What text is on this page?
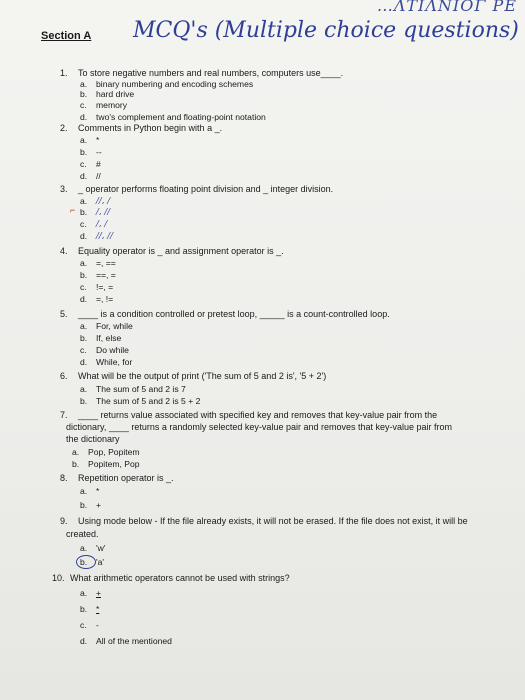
…ΛΤΙΛΝΙΟΓ ΡΕ
Section A MCQ's (Multiple choice questions)
1. To store negative numbers and real numbers, computers use____.
a. binary numbering and encoding schemes
b. hard drive
c. memory
d. two's complement and floating-point notation
2. Comments in Python begin with a _.
a. *
b. --
c. #
d. //
3. _ operator performs floating point division and _ integer division.
a. //, /
⌐ b. /, //
c. /, /
d. //, //
4. Equality operator is _ and assignment operator is _.
a. =, ==
b. ==, =
c. !=, =
d. =, !=
5. ____ is a condition controlled or pretest loop, _____ is a count-controlled loop.
a. For, while
b. If, else
c. Do while
d. While, for
6. What will be the output of print ('The sum of 5 and 2 is', '5 + 2')
a. The sum of 5 and 2 is 7
b. The sum of 5 and 2 is 5 + 2
7. ____ returns value associated with specified key and removes that key-value pair from the
dictionary, ____ returns a randomly selected key-value pair and removes that key-value pair from
the dictionary
a. Pop, Popitem
b. Popitem, Pop
8. Repetition operator is _.
a. *
b. +
9. Using mode below - If the file already exists, it will not be erased. If the file does not exist, it will be
created.
a. 'w'
b. 'a'
10. What arithmetic operators cannot be used with strings?
a. +
b. *
c. -
d. All of the mentioned
